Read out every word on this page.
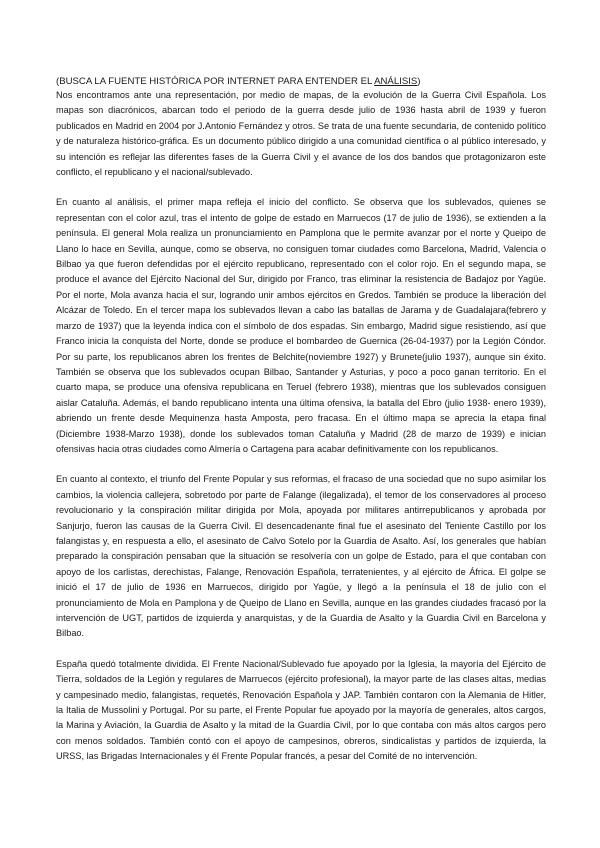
(BUSCA LA FUENTE HISTÓRICA POR INTERNET PARA ENTENDER EL ANÁLISIS)

Nos encontramos ante una representación, por medio de mapas, de la evolución de la Guerra Civil Española. Los mapas son diacrónicos, abarcan todo el periodo de la guerra desde julio de 1936 hasta abril de 1939 y fueron publicados en Madrid en 2004 por J.Antonio Fernández y otros. Se trata de una fuente secundaria, de contenido político y de naturaleza histórico-gráfica. Es un documento público dirigido a una comunidad científica o al público interesado, y su intención es reflejar las diferentes fases de la Guerra Civil y el avance de los dos bandos que protagonizaron este conflicto, el republicano y el nacional/sublevado.

En cuanto al análisis, el primer mapa refleja el inicio del conflicto. Se observa que los sublevados, quienes se representan con el color azul, tras el intento de golpe de estado en Marruecos (17 de julio de 1936), se extienden a la península. El general Mola realiza un pronunciamiento en Pamplona que le permite avanzar por el norte y Queipo de Llano lo hace en Sevilla, aunque, como se observa, no consiguen tomar ciudades como Barcelona, Madrid, Valencia o Bilbao ya que fueron defendidas por el ejército republicano, representado con el color rojo. En el segundo mapa, se produce el avance del Ejército Nacional del Sur, dirigido por Franco, tras eliminar la resistencia de Badajoz por Yagüe. Por el norte, Mola avanza hacia el sur, logrando unir ambos ejércitos en Gredos. También se produce la liberación del Alcázar de Toledo. En el tercer mapa los sublevados llevan a cabo las batallas de Jarama y de Guadalajara(febrero y marzo de 1937) que la leyenda indica con el símbolo de dos espadas. Sin embargo, Madrid sigue resistiendo, así que Franco inicia la conquista del Norte, donde se produce el bombardeo de Guernica (26-04-1937) por la Legión Cóndor. Por su parte, los republicanos abren los frentes de Belchite(noviembre 1927) y Brunete(julio 1937), aunque sin éxito. También se observa que los sublevados ocupan Bilbao, Santander y Asturias, y poco a poco ganan territorio. En el cuarto mapa, se produce una ofensiva republicana en Teruel (febrero 1938), mientras que los sublevados consiguen aislar Cataluña. Además, el bando republicano intenta una última ofensiva, la batalla del Ebro (julio 1938- enero 1939), abriendo un frente desde Mequinenza hasta Amposta, pero fracasa. En el último mapa se aprecia la etapa final (Diciembre 1938-Marzo 1938), donde los sublevados toman Cataluña y Madrid (28 de marzo de 1939) e inician ofensivas hacia otras ciudades como Almería o Cartagena para acabar definitivamente con los republicanos.

En cuanto al contexto, el triunfo del Frente Popular y sus reformas, el fracaso de una sociedad que no supo asimilar los cambios, la violencia callejera, sobretodo por parte de Falange (ilegalizada), el temor de los conservadores al proceso revolucionario y la conspiración militar dirigida por Mola, apoyada por militares antirrepublicanos y aprobada por Sanjurjo, fueron las causas de la Guerra Civil. El desencadenante final fue el asesinato del Teniente Castillo por los falangistas y, en respuesta a ello, el asesinato de Calvo Sotelo por la Guardia de Asalto. Así, los generales que habían preparado la conspiración pensaban que la situación se resolvería con un golpe de Estado, para el que contaban con apoyo de los carlistas, derechistas, Falange, Renovación Española, terratenientes, y al ejército de África. El golpe se inició el 17 de julio de 1936 en Marruecos, dirigido por Yagüe, y llegó a la península el 18 de julio con el pronunciamiento de Mola en Pamplona y de Queipo de Llano en Sevilla, aunque en las grandes ciudades fracasó por la intervención de UGT, partidos de izquierda y anarquistas, y de la Guardia de Asalto y la Guardia Civil en Barcelona y Bilbao.

España quedó totalmente dividida. El Frente Nacional/Sublevado fue apoyado por la Iglesia, la mayoría del Ejército de Tierra, soldados de la Legión y regulares de Marruecos (ejército profesional), la mayor parte de las clases altas, medias y campesinado medio, falangistas, requetés, Renovación Española y JAP. También contaron con la Alemania de Hitler, la Italia de Mussolini y Portugal. Por su parte, el Frente Popular fue apoyado por la mayoría de generales, altos cargos, la Marina y Aviación, la Guardia de Asalto y la mitad de la Guardia Civil, por lo que contaba con más altos cargos pero con menos soldados. También contó con el apoyo de campesinos, obreros, sindicalistas y partidos de izquierda, la URSS, las Brigadas Internacionales y él Frente Popular francés, a pesar del Comité de no intervención.
